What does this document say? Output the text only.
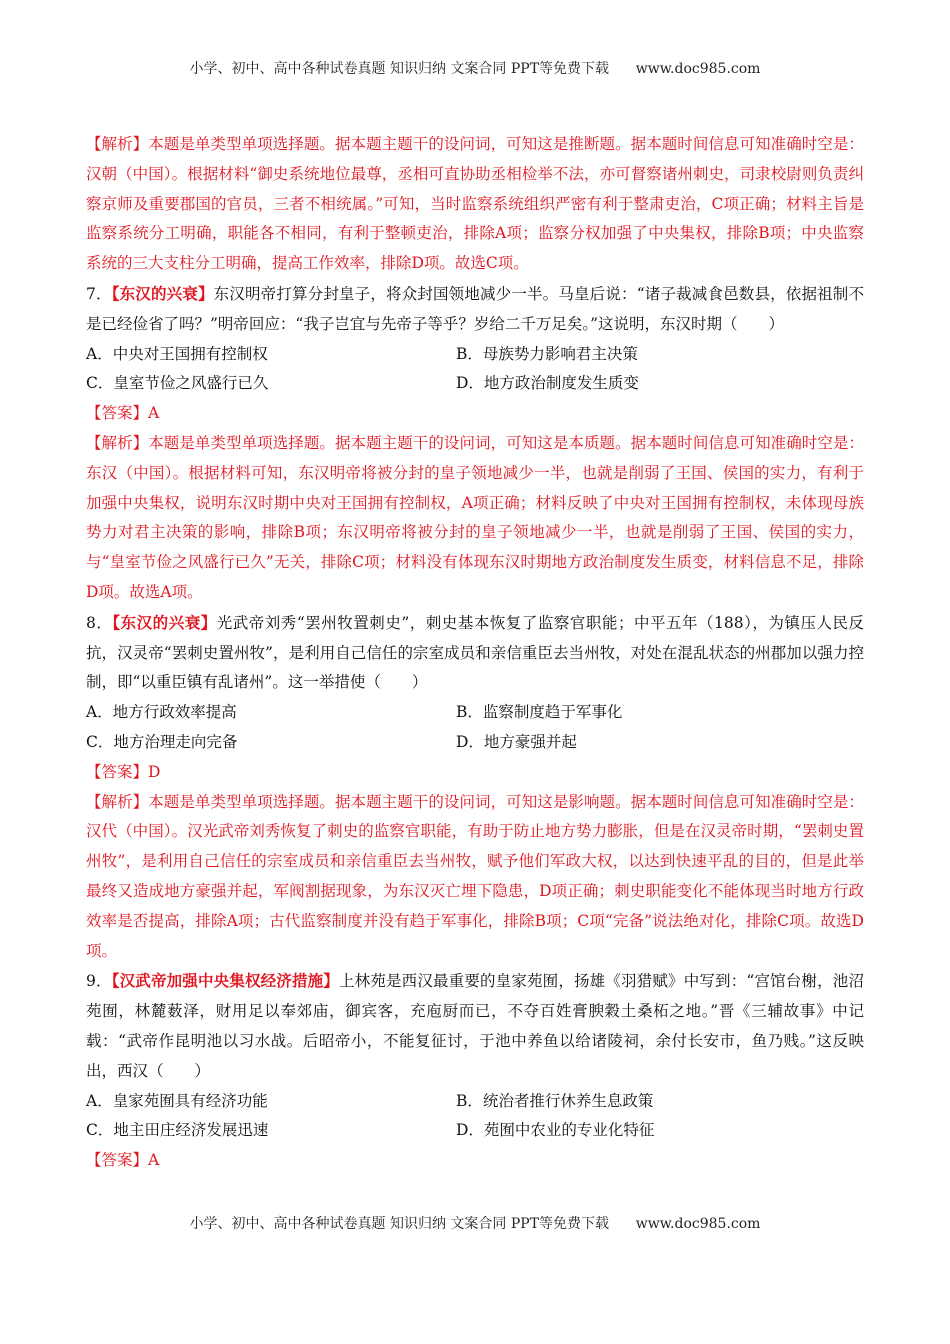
小学、初中、高中各种试卷真题 知识归纳 文案合同 PPT等免费下载 www.doc985.com

【解析】本题是单类型单项选择题。据本题主题干的设问词，可知这是推断题。据本题时间信息可知准确时空是：汉朝（中国）。根据材料“御史系统地位最尊，丞相可直协助丞相检举不法，亦可督察诸州刺史，司隶校尉则负责纠察京师及重要郡国的官员，三者不相统属。”可知，当时监察系统组织严密有利于整肃吏治，C项正确；材料主旨是监察系统分工明确，职能各不相同，有利于整顿吏治，排除A项；监察分权加强了中央集权，排除B项；中央监察系统的三大支柱分工明确，提高工作效率，排除D项。故选C项。

7．【东汉的兴衰】东汉明帝打算分封皇子，将众封国领地减少一半。马皇后说：“诸子裁减食邑数县，依据祖制不是已经俭省了吗？”明帝回应：“我子岂宜与先帝子等乎？岁给二千万足矣。”这说明，东汉时期（　　）

A．中央对王国拥有控制权	B．母族势力影响君主决策

C．皇室节俭之风盛行已久	D．地方政治制度发生质变

【答案】A

【解析】本题是单类型单项选择题。据本题主题干的设问词，可知这是本质题。据本题时间信息可知准确时空是：东汉（中国）。根据材料可知，东汉明帝将被分封的皇子领地减少一半，也就是削弱了王国、侯国的实力，有利于加强中央集权，说明东汉时期中央对王国拥有控制权，A项正确；材料反映了中央对王国拥有控制权，未体现母族势力对君主决策的影响，排除B项；东汉明帝将被分封的皇子领地减少一半，也就是削弱了王国、侯国的实力，与“皇室节俭之风盛行已久”无关，排除C项；材料没有体现东汉时期地方政治制度发生质变，材料信息不足，排除D项。故选A项。

8．【东汉的兴衰】光武帝刘秀“罢州牧置刺史”，刺史基本恢复了监察官职能；中平五年（188），为镇压人民反抗，汉灵帝“罢刺史置州牧”，是利用自己信任的宗室成员和亲信重臣去当州牧，对处在混乱状态的州郡加以强力控制，即“以重臣镇有乱诸州”。这一举措使（　　）

A．地方行政效率提高	B．监察制度趋于军事化

C．地方治理走向完备	D．地方豪强并起

【答案】D

【解析】本题是单类型单项选择题。据本题主题干的设问词，可知这是影响题。据本题时间信息可知准确时空是：汉代（中国）。汉光武帝刘秀恢复了刺史的监察官职能，有助于防止地方势力膨胀，但是在汉灵帝时期，“罢刺史置州牧”，是利用自己信任的宗室成员和亲信重臣去当州牧，赋予他们军政大权，以达到快速平乱的目的，但是此举最终又造成地方豪强并起，军阀割据现象，为东汉灭亡埋下隐患，D项正确；刺史职能变化不能体现当时地方行政效率是否提高，排除A项；古代监察制度并没有趋于军事化，排除B项；C项“完备”说法绝对化，排除C项。故选D项。

9．【汉武帝加强中央集权经济措施】上林苑是西汉最重要的皇家苑囿，扬雄《羽猎赋》中写到：“宫馆台榭，池沼苑囿，林麓薮泽，财用足以奉郊庙，御宾客，充庖厨而已，不夺百姓膏腴穀土桑柘之地。”晋《三辅故事》中记载：“武帝作昆明池以习水战。后昭帝小，不能复征讨，于池中养鱼以给诸陵祠，余付长安市，鱼乃贱。”这反映出，西汉（　　）

A．皇家苑囿具有经济功能	B．统治者推行休养生息政策

C．地主田庄经济发展迅速	D．苑囿中农业的专业化特征

【答案】A

小学、初中、高中各种试卷真题 知识归纳 文案合同 PPT等免费下载 www.doc985.com
